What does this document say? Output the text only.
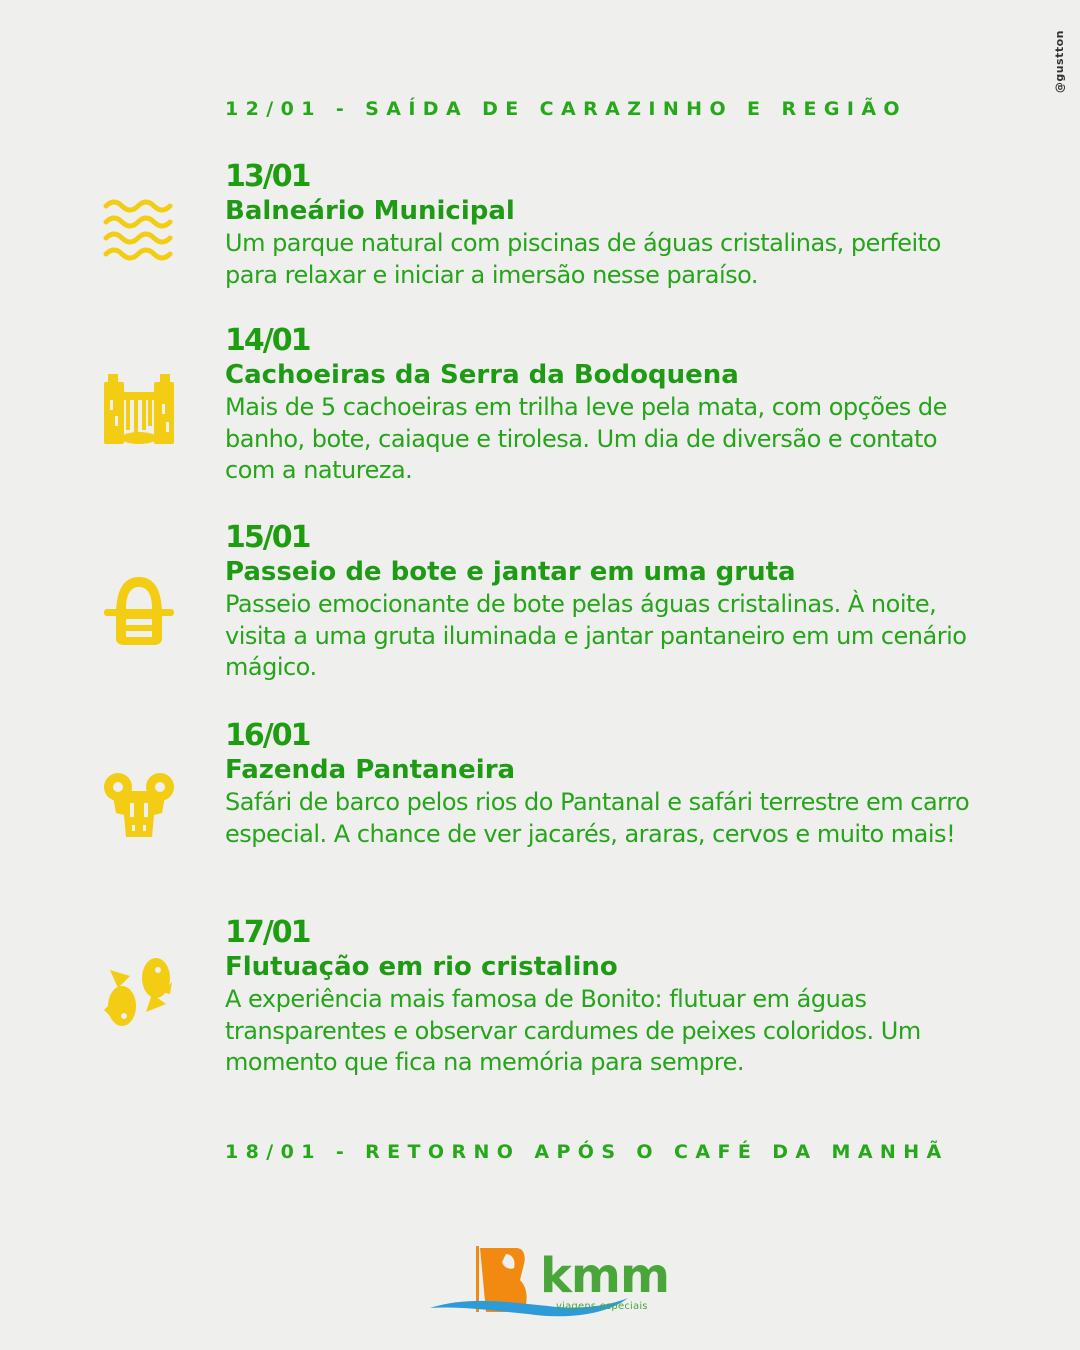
@gustton
12/01 - SAÍDA DE CARAZINHO E REGIÃO
13/01
Balneário Municipal
Um parque natural com piscinas de águas cristalinas, perfeito para relaxar e iniciar a imersão nesse paraíso.
14/01
Cachoeiras da Serra da Bodoquena
Mais de 5 cachoeiras em trilha leve pela mata, com opções de banho, bote, caiaque e tirolesa. Um dia de diversão e contato com a natureza.
15/01
Passeio de bote e jantar em uma gruta
Passeio emocionante de bote pelas águas cristalinas. À noite, visita a uma gruta iluminada e jantar pantaneiro em um cenário mágico.
16/01
Fazenda Pantaneira
Safári de barco pelos rios do Pantanal e safári terrestre em carro especial. A chance de ver jacarés, araras, cervos e muito mais!
17/01
Flutuação em rio cristalino
A experiência mais famosa de Bonito: flutuar em águas transparentes e observar cardumes de peixes coloridos. Um momento que fica na memória para sempre.
18/01 - RETORNO APÓS O CAFÉ DA MANHÃ
kmm
viagens especiais
